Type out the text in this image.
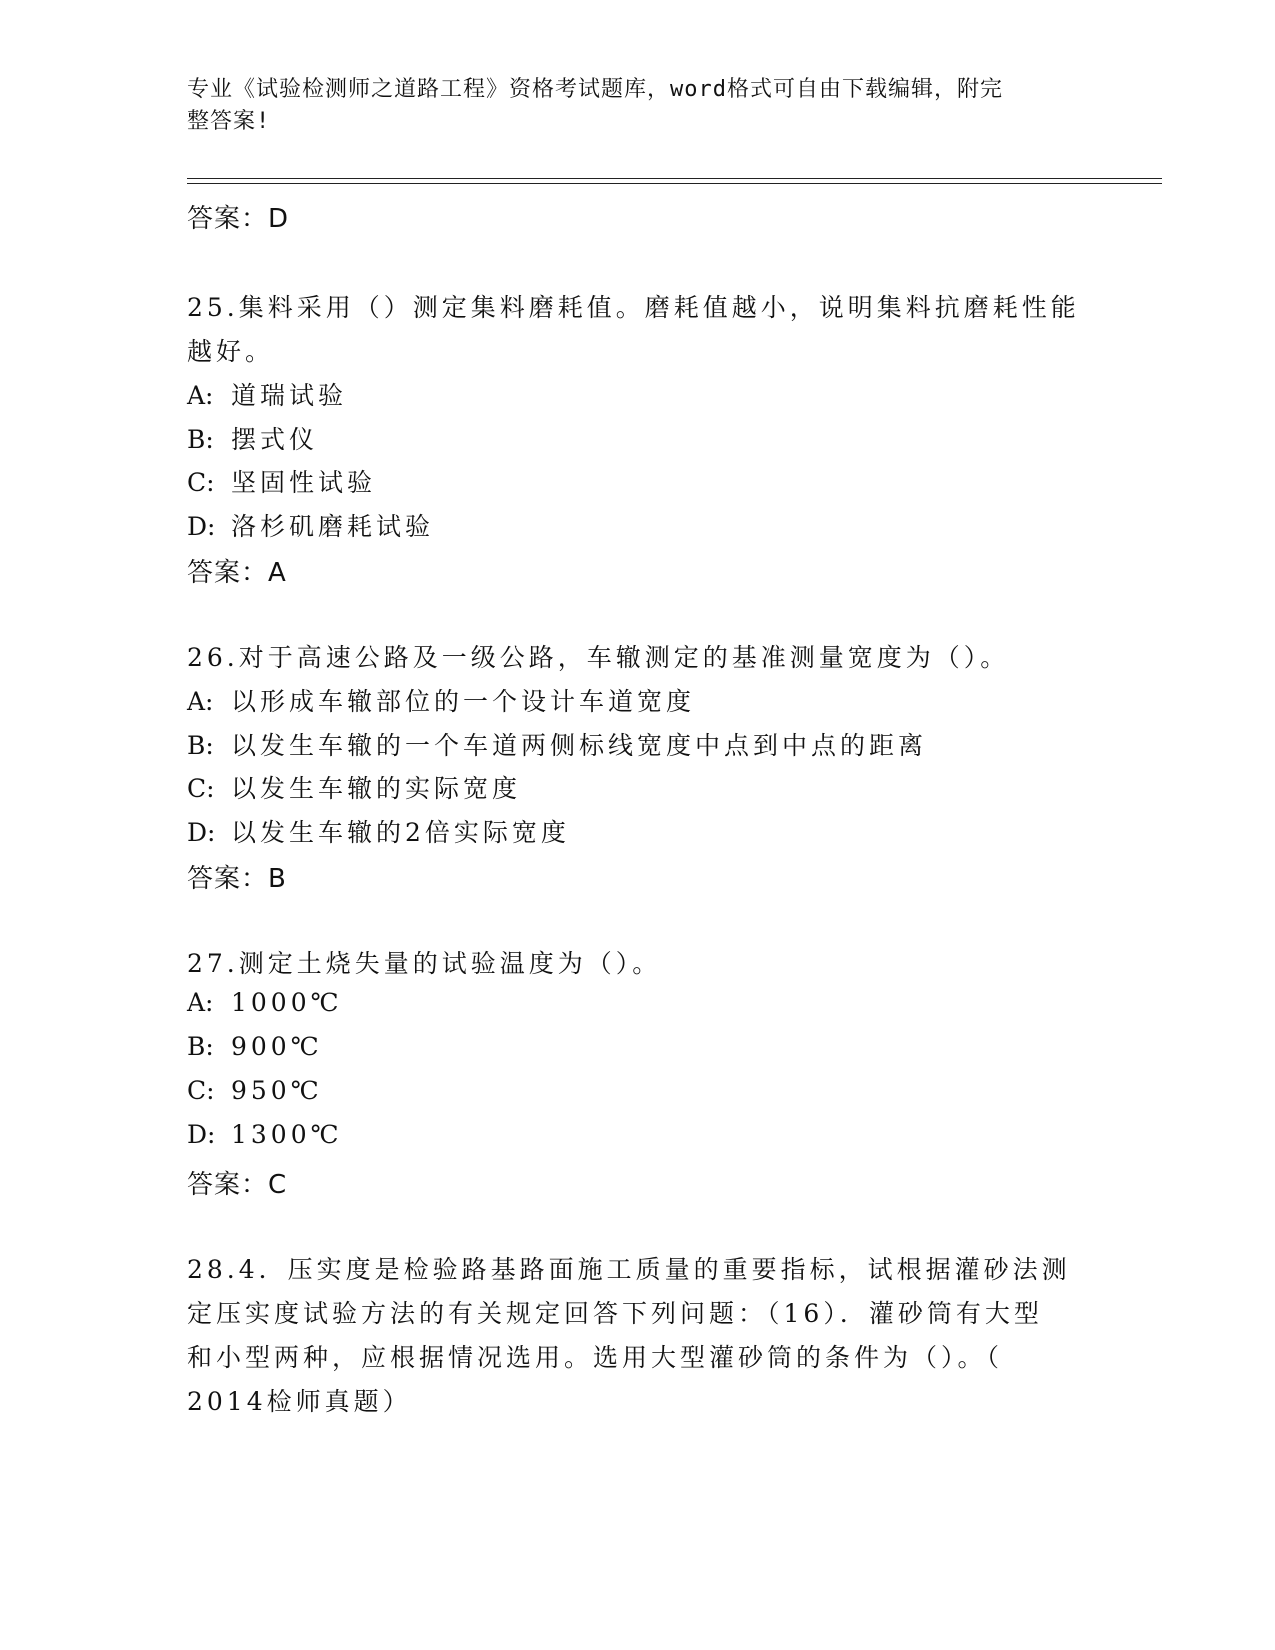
专业《试验检测师之道路工程》资格考试题库，word格式可自由下载编辑，附完
整答案!
答案：D
25.集料采用（）测定集料磨耗值。磨耗值越小，说明集料抗磨耗性能
越好。
A: 道瑞试验
B: 摆式仪
C: 坚固性试验
D: 洛杉矶磨耗试验
答案：A
26.对于高速公路及一级公路，车辙测定的基准测量宽度为（）。
A: 以形成车辙部位的一个设计车道宽度
B: 以发生车辙的一个车道两侧标线宽度中点到中点的距离
C: 以发生车辙的实际宽度
D: 以发生车辙的2倍实际宽度
答案：B
27.测定土烧失量的试验温度为（）。
A: 1000℃
B: 900℃
C: 950℃
D: 1300℃
答案：C
28.4．压实度是检验路基路面施工质量的重要指标，试根据灌砂法测
定压实度试验方法的有关规定回答下列问题：（16）．灌砂筒有大型
和小型两种，应根据情况选用。选用大型灌砂筒的条件为（）。（
2014检师真题）
